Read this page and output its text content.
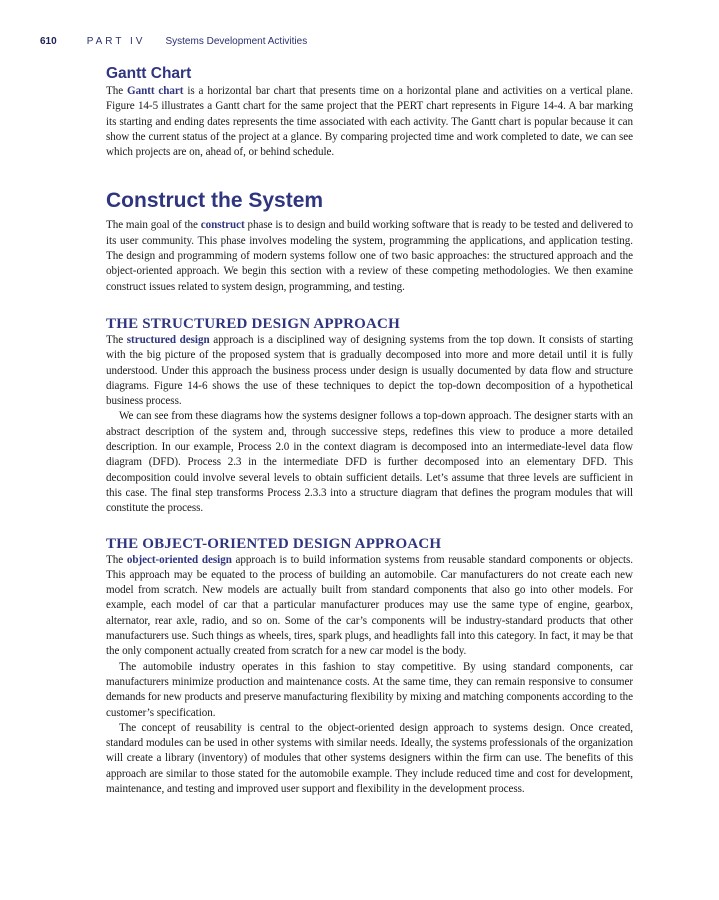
610	PART IV Systems Development Activities
Gantt Chart

The Gantt chart is a horizontal bar chart that presents time on a horizontal plane and activities on a vertical plane. Figure 14-5 illustrates a Gantt chart for the same project that the PERT chart represents in Figure 14-4. A bar marking its starting and ending dates represents the time associated with each activity. The Gantt chart is popular because it can show the current status of the project at a glance. By comparing projected time and work completed to date, we can see which projects are on, ahead of, or behind schedule.

Construct the System

The main goal of the construct phase is to design and build working software that is ready to be tested and delivered to its user community. This phase involves modeling the system, programming the applications, and application testing. The design and programming of modern systems follow one of two basic approaches: the structured approach and the object-oriented approach. We begin this section with a review of these competing methodologies. We then examine construct issues related to system design, programming, and testing.

THE STRUCTURED DESIGN APPROACH

The structured design approach is a disciplined way of designing systems from the top down. It consists of starting with the big picture of the proposed system that is gradually decomposed into more and more detail until it is fully understood. Under this approach the business process under design is usually documented by data flow and structure diagrams. Figure 14-6 shows the use of these techniques to depict the top-down decomposition of a hypothetical business process.

We can see from these diagrams how the systems designer follows a top-down approach. The designer starts with an abstract description of the system and, through successive steps, redefines this view to produce a more detailed description. In our example, Process 2.0 in the context diagram is decomposed into an intermediate-level data flow diagram (DFD). Process 2.3 in the intermediate DFD is further decomposed into an elementary DFD. This decomposition could involve several levels to obtain sufficient details. Let’s assume that three levels are sufficient in this case. The final step transforms Process 2.3.3 into a structure diagram that defines the program modules that will constitute the process.

THE OBJECT-ORIENTED DESIGN APPROACH

The object-oriented design approach is to build information systems from reusable standard components or objects. This approach may be equated to the process of building an automobile. Car manufacturers do not create each new model from scratch. New models are actually built from standard components that also go into other models. For example, each model of car that a particular manufacturer produces may use the same type of engine, gearbox, alternator, rear axle, radio, and so on. Some of the car’s components will be industry-standard products that other manufacturers use. Such things as wheels, tires, spark plugs, and headlights fall into this category. In fact, it may be that the only component actually created from scratch for a new car model is the body.

The automobile industry operates in this fashion to stay competitive. By using standard components, car manufacturers minimize production and maintenance costs. At the same time, they can remain responsive to consumer demands for new products and preserve manufacturing flexibility by mixing and matching components according to the customer’s specification.

The concept of reusability is central to the object-oriented design approach to systems design. Once created, standard modules can be used in other systems with similar needs. Ideally, the systems professionals of the organization will create a library (inventory) of modules that other systems designers within the firm can use. The benefits of this approach are similar to those stated for the automobile example. They include reduced time and cost for development, maintenance, and testing and improved user support and flexibility in the development process.
